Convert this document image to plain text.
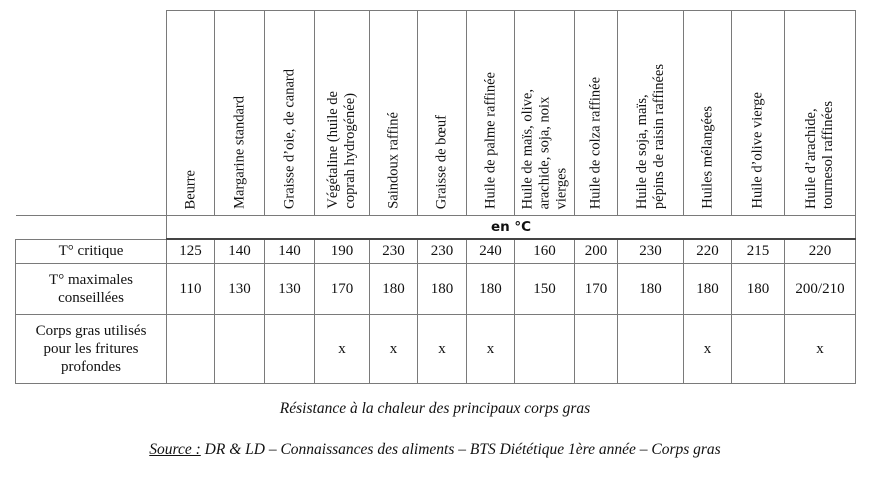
	Beurre	Margarine standard	Graisse d’oie, de canard	Végétaline (huile de
coprah hydrogénée)	Saindoux raffiné	Graisse de bœuf	Huile de palme raffinée	Huile de maïs, olive,
arachide, soja, noix
vierges	Huile de colza raffinée	Huile de soja, maïs,
pépins de raisin raffinées	Huiles mélangées	Huile d’olive vierge	Huile d’arachide,
tournesol raffinées

	en °C												
T° critique	125	140	140	190	230	230	240	160	200	230	220	215	220
T° maximales
conseillées	110	130	130	170	180	180	180	150	170	180	180	180	200/210
Corps gras utilisés
pour les fritures
profondes				x	x	x	x				x		x
Résistance à la chaleur des principaux corps gras
Source : DR & LD – Connaissances des aliments – BTS Diététique 1ère année – Corps gras
